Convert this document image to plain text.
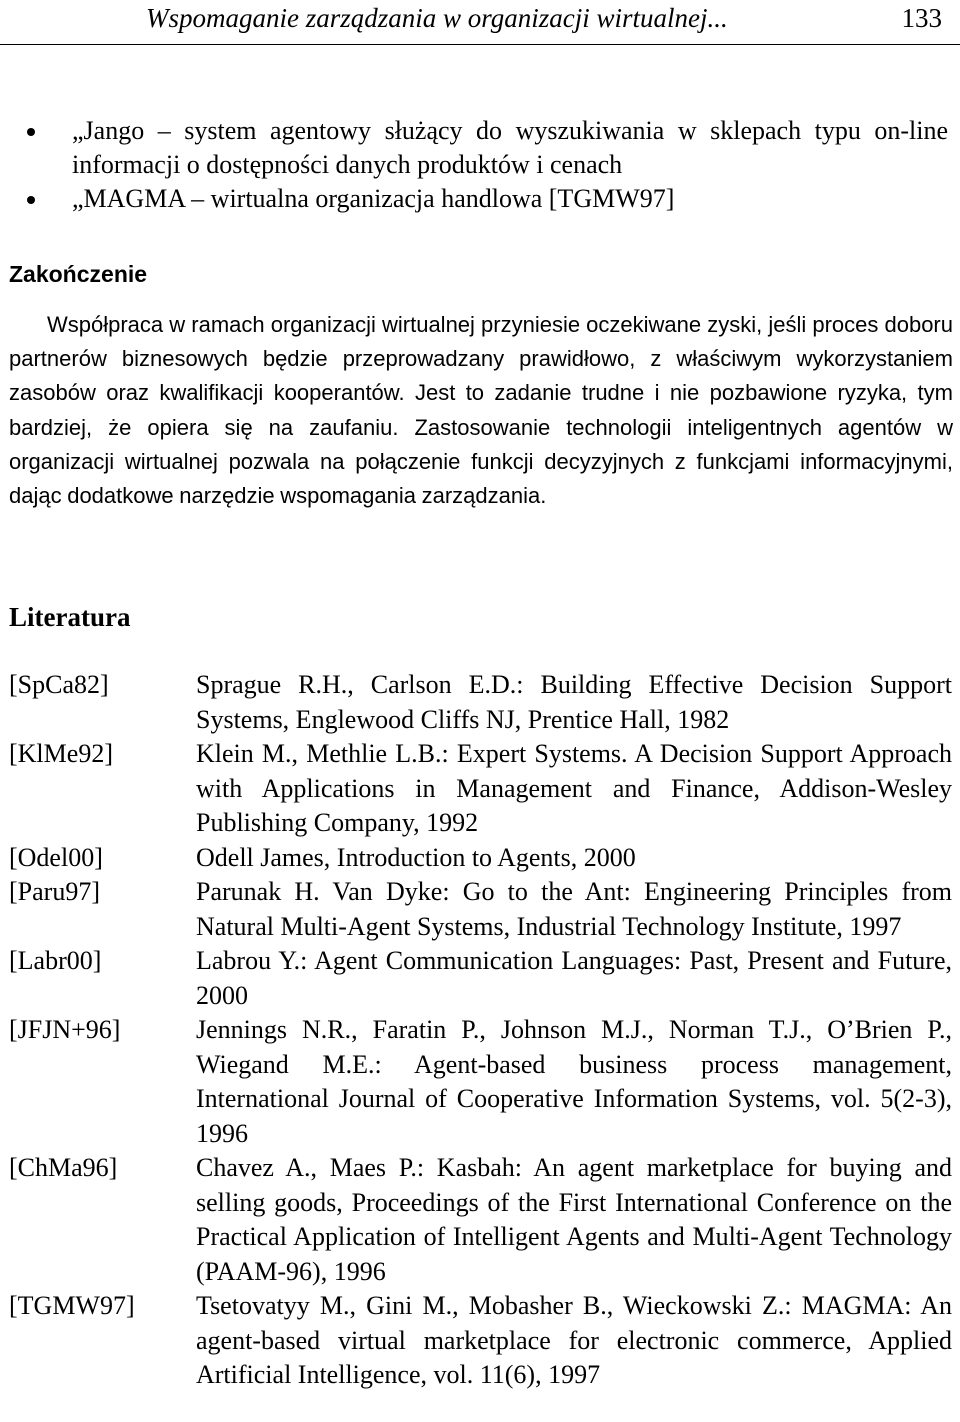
Wspomaganie zarządzania w organizacji wirtualnej...	133
„Jango – system agentowy służący do wyszukiwania w sklepach typu on-line informacji o dostępności danych produktów i cenach
„MAGMA – wirtualna organizacja handlowa [TGMW97]
Zakończenie
Współpraca w ramach organizacji wirtualnej przyniesie oczekiwane zyski, jeśli proces doboru partnerów biznesowych będzie przeprowadzany prawidłowo, z właściwym wykorzystaniem zasobów oraz kwalifikacji kooperantów. Jest to zadanie trudne i nie pozbawione ryzyka, tym bardziej, że opiera się na zaufaniu. Zastosowanie technologii inteligentnych agentów w organizacji wirtualnej pozwala na połączenie funkcji decyzyjnych z funkcjami informacyjnymi, dając dodatkowe narzędzie wspomagania zarządzania.
Literatura
[SpCa82]	Sprague R.H., Carlson E.D.: Building Effective Decision Support Systems, Englewood Cliffs NJ, Prentice Hall, 1982
[KlMe92]	Klein M., Methlie L.B.: Expert Systems. A Decision Support Approach with Applications in Management and Finance, Addison-Wesley Publishing Company, 1992
[Odel00]	Odell James, Introduction to Agents, 2000
[Paru97]	Parunak H. Van Dyke: Go to the Ant: Engineering Principles from Natural Multi-Agent Systems, Industrial Technology Institute, 1997
[Labr00]	Labrou Y.: Agent Communication Languages: Past, Present and Future, 2000
[JFJN+96]	Jennings N.R., Faratin P., Johnson M.J., Norman T.J., O’Brien P., Wiegand M.E.: Agent-based business process management, International Journal of Cooperative Information Systems, vol. 5(2-3), 1996
[ChMa96]	Chavez A., Maes P.: Kasbah: An agent marketplace for buying and selling goods, Proceedings of the First International Conference on the Practical Application of Intelligent Agents and Multi-Agent Technology (PAAM-96), 1996
[TGMW97] Tsetovatyy M., Gini M., Mobasher B., Wieckowski Z.: MAGMA: An agent-based virtual marketplace for electronic commerce, Applied Artificial Intelligence, vol. 11(6), 1997
